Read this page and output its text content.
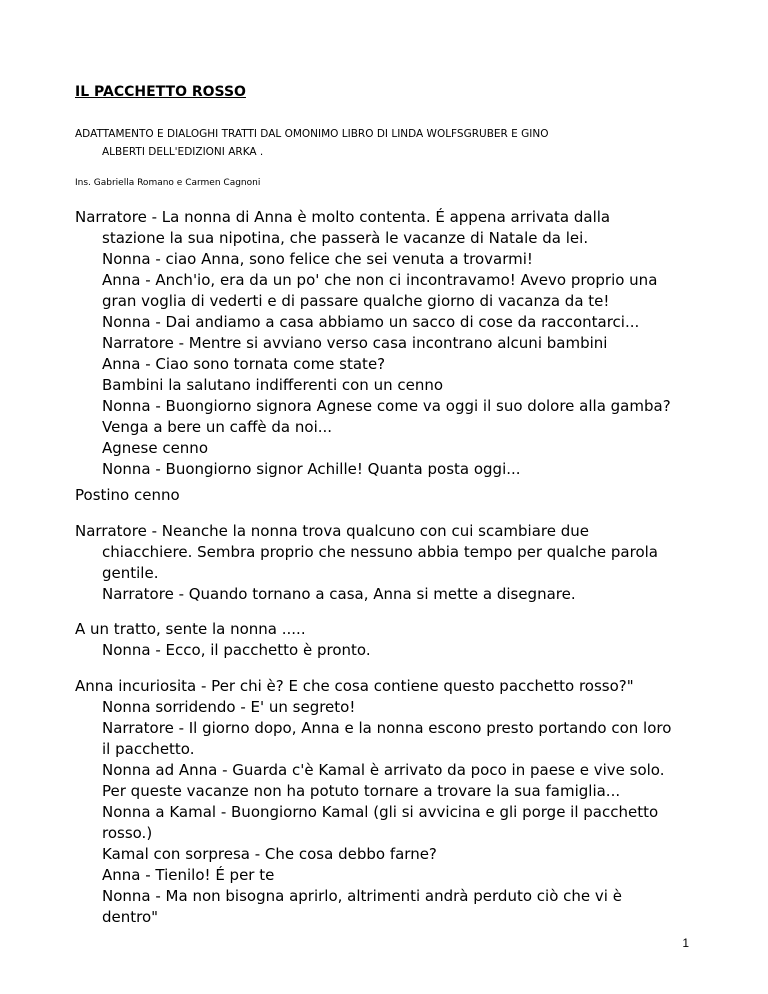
IL PACCHETTO ROSSO

ADATTAMENTO E DIALOGHI TRATTI DAL OMONIMO LIBRO DI LINDA WOLFSGRUBER E GINO
ALBERTI DELL'EDIZIONI ARKA .

Ins. Gabriella Romano e Carmen Cagnoni

Narratore - La nonna di Anna è molto contenta. É appena arrivata dalla
stazione la sua nipotina, che passerà le vacanze di Natale da lei.
Nonna - ciao Anna, sono felice che sei venuta a trovarmi!
Anna - Anch'io, era da un po' che non ci incontravamo! Avevo proprio una
gran voglia di vederti e di passare qualche giorno di vacanza da te!
Nonna - Dai andiamo a casa abbiamo un sacco di cose da raccontarci...
Narratore - Mentre si avviano verso casa incontrano alcuni bambini
Anna - Ciao sono tornata come state?
Bambini la salutano indifferenti con un cenno
Nonna - Buongiorno signora Agnese come va oggi il suo dolore alla gamba?
Venga a bere un caffè da noi...
Agnese cenno
Nonna - Buongiorno signor Achille! Quanta posta oggi...

Postino cenno

Narratore - Neanche la nonna trova qualcuno con cui scambiare due
chiacchiere. Sembra proprio che nessuno abbia tempo per qualche parola
gentile.
Narratore - Quando tornano a casa, Anna si mette a disegnare.

A un tratto, sente la nonna .....
Nonna - Ecco, il pacchetto è pronto.

Anna incuriosita - Per chi è? E che cosa contiene questo pacchetto rosso?"
Nonna sorridendo - E' un segreto!
Narratore - Il giorno dopo, Anna e la nonna escono presto portando con loro
il pacchetto.
Nonna ad Anna - Guarda c'è Kamal è arrivato da poco in paese e vive solo.
Per queste vacanze non ha potuto tornare a trovare la sua famiglia...
Nonna a Kamal - Buongiorno Kamal (gli si avvicina e gli porge il pacchetto
rosso.)
Kamal con sorpresa - Che cosa debbo farne?
Anna - Tienilo! É per te
Nonna - Ma non bisogna aprirlo, altrimenti andrà perduto ciò che vi è
dentro"

1
